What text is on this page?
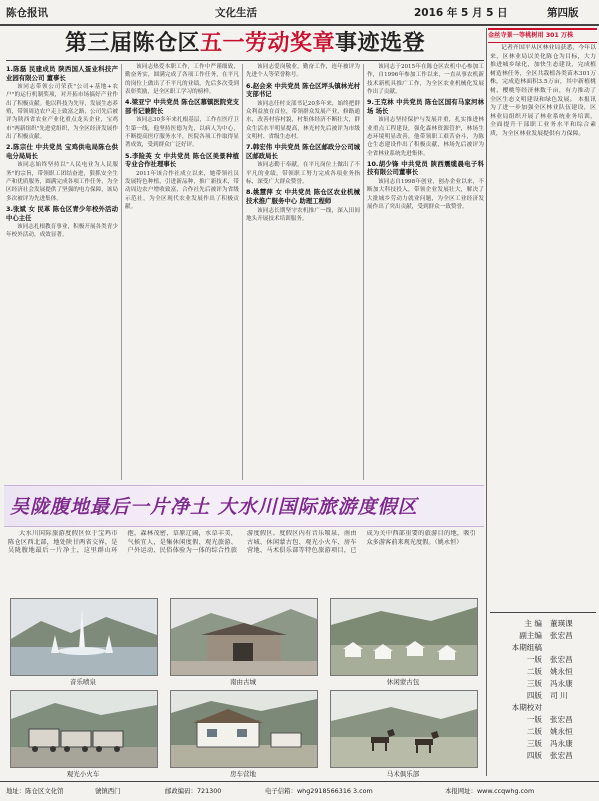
陈仓报讯	文化生活	2016 年 5 月 5 日	第四版
第三届陈仓区五一劳动奖章事迹选登
1.陈磊 民建成员 陕西国人蛋业科技产业园有限公司 董事长

该同志带领公司荣获"公司+基地+农户"的运行机制奖项，对开拓市场搞好产业作出了积极贡献。他以科技为先导，发展生态养殖，带领周边农户走上致富之路，公司先后被评为陕西省农业产业化重点龙头企业，宝鸡市"两新组织"先进党组织，为全区经济发展作出了积极贡献。

2.陈宗仕 中共党员 宝鸡供电局陈仓供电分局局长

该同志始终坚持以"人民电业为人民服务"的宗旨，带领职工团结奋进，狠抓安全生产和优质服务，圆满完成各项工作任务，为全区经济社会发展提供了坚强的电力保障，该局多次被评为先进集体。

3.张斌 女 民革 陈仓区青少年校外活动中心主任

该同志扎根教育事业，积极开展各类青少年校外活动，成效显著。

该同志热爱本职工作，工作中严谨细致，勤奋务实，圆满完成了各项工作任务，在平凡的岗位上做出了不平凡的业绩，先后多次受到表彰奖励，是全区职工学习的榜样。

4.梁亚宁 中共党员 陈仓区慕镇医院党支部书记兼院长

该同志30多年来扎根基层，工作在医疗卫生第一线，他坚持医德为先，以病人为中心，不断提高医疗服务水平，医院各项工作取得显著成效，受到群众广泛好评。

5.李险英 女 中共党员 陈仓区美景种植专业合作社理事长

2011年该合作社成立以来，她带领社员发展特色种植，引进新品种，推广新技术，带动周边农户增收致富，合作社先后被评为省级示范社，为全区现代农业发展作出了积极贡献。

该同志爱岗敬业，勤奋工作，连年被评为先进个人等荣誉称号。

6.赵会来 中共党员 陈仓区坪头镇林光村 支部书记

该同志任村支部书记20多年来，始终把群众利益放在首位，带领群众发展产业，修路通水，改善村容村貌，村集体经济不断壮大，群众生活水平明显提高，林光村先后被评为市级文明村、省级生态村。

7.韩宏伟 中共党员 陈仓区邮政分公司城区邮政局长

该同志勤于奉献，在平凡岗位上做出了不平凡的业绩，带领职工努力完成各项业务指标，深受广大群众赞誉。

8.姚慧萍 女 中共党员 陈仓区农业机械技术推广服务中心 助理工程师

该同志长期坚守农机推广一线，深入田间地头开展技术培训服务。

该同志于2015年在陈仓区农机中心参加工作，自1996年参加工作以来，一直从事农机新技术新机具推广工作，为全区农业机械化发展作出了贡献。

9.王克林 中共党员 陈仓区国有马家河林场 场长

该同志坚持保护与发展并重，扎实推进林业重点工程建设，强化森林资源管护，林场生态环境明显改善，他带领职工艰苦奋斗，为陈仓生态建设作出了积极贡献，林场先后被评为全省林业系统先进集体。

10.胡少锋 中共党员 陕西震缆晨电子科技有限公司董事长

该同志自1998年创业，创办企业以来，不断加大科技投入，带领企业发展壮大，解决了大批城乡劳动力就业问题，为全区工业经济发展作出了突出贡献，受到群众一致赞誉。

金丝寺景一等桃树用 301 万株

记者齐国平从区林业局获悉，今年以来，区林业局以美化陈仓为目标，大力推进城乡绿化，加快生态建设，完成植树造林任务，全区共栽植各类苗木301万株，完成造林面积3.5万亩，其中新植桃树、樱桃等经济林数千亩，有力推动了全区生态文明建设和绿色发展。 本报讯 为了进一步加强全区林业队伍建设，区林业局组织开展了林业系统业务培训，全面提升干部职工业务水平和综合素质，为全区林业发展提供有力保障。

主 编 董瑛课
副主编 张宏昌
本期组稿
一版 张宏昌
二版 姚永恒
三版 冯永康
四版 司 川
本期校对
一版 张宏昌
二版 姚永恒
三版 冯永康
四版 张宏昌
吴陇腹地最后一片净土 大水川国际旅游度假区

大水川国际旅游度假区位于宝鸡市陈仓区西北部，地处陕甘两省交界，是吴陇腹地最后一片净土，这里群山环抱，森林茂密，草原辽阔，水草丰美，气候宜人，是集休闲度假、观光旅游、户外运动、民俗体验为一体的综合性旅游度假区。度假区内有音乐喷泉、南由古城、休闲蒙古包、观光小火车、房车营地、马术俱乐部等特色旅游项目，已成为关中西部重要的旅游目的地，吸引众多游客前来观光度假。（姚永恒）

音乐喷泉	南由古城	休闲蒙古包
观光小火车	房车营地	马术俱乐部
地址：陈仓区文化馆	虢镇西门	邮政编码：721300	电子信箱：whg2918566316 3.com	本报网址：www.ccqwhg.com
